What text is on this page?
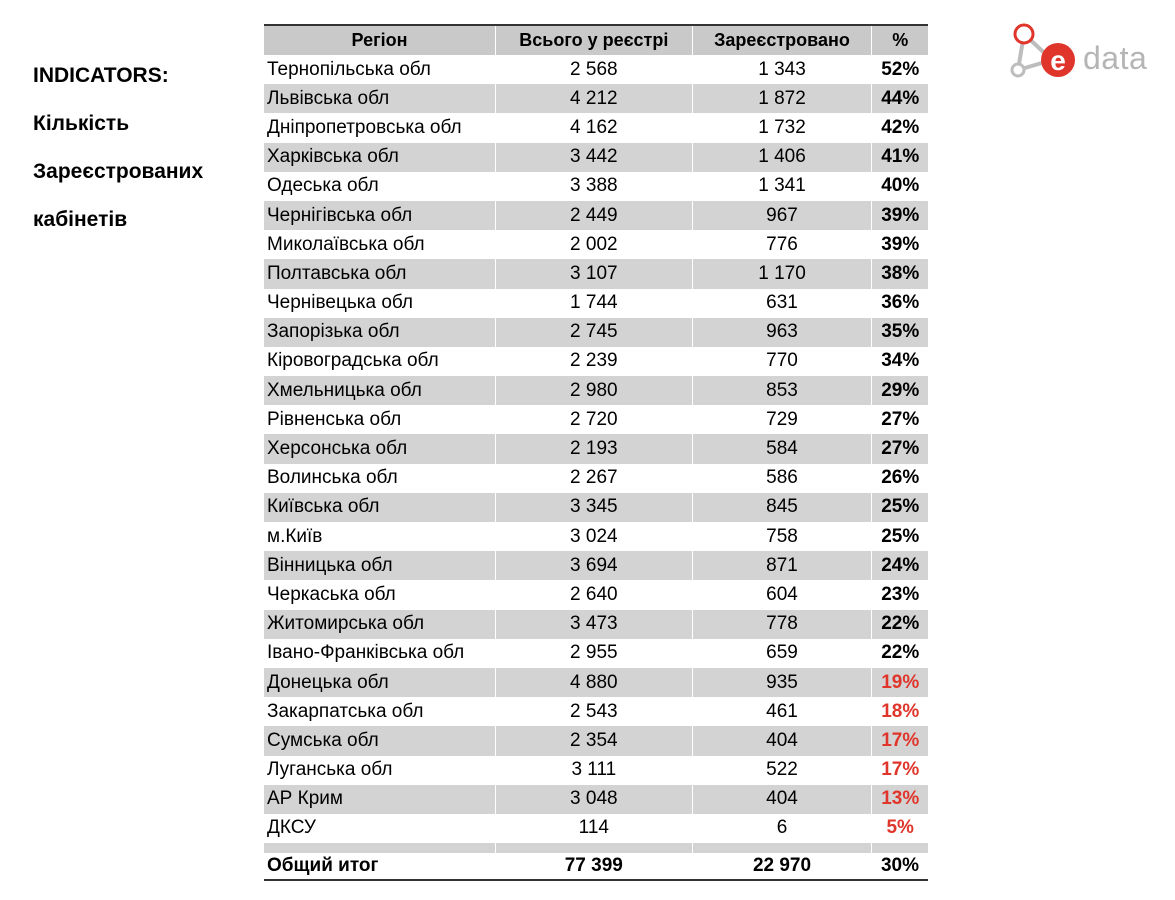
INDICATORS:
Кількість
Зареєстрованих
кабінетів
e data
Регіон	Всього у реєстрі	Зареєстровано	%
Тернопільська обл	2 568	1 343	52%
Львівська обл	4 212	1 872	44%
Дніпропетровська обл	4 162	1 732	42%
Харківська обл	3 442	1 406	41%
Одеська обл	3 388	1 341	40%
Чернігівська обл	2 449	967	39%
Миколаївська обл	2 002	776	39%
Полтавська обл	3 107	1 170	38%
Чернівецька обл	1 744	631	36%
Запорізька обл	2 745	963	35%
Кіровоградська обл	2 239	770	34%
Хмельницька обл	2 980	853	29%
Рівненська обл	2 720	729	27%
Херсонська обл	2 193	584	27%
Волинська обл	2 267	586	26%
Київська обл	3 345	845	25%
м.Київ	3 024	758	25%
Вінницька обл	3 694	871	24%
Черкаська обл	2 640	604	23%
Житомирська обл	3 473	778	22%
Івано-Франківська обл	2 955	659	22%
Донецька обл	4 880	935	19%
Закарпатська обл	2 543	461	18%
Сумська обл	2 354	404	17%
Луганська обл	3 111	522	17%
АР Крим	3 048	404	13%
ДКСУ	114	6	5%

Общий итог	77 399	22 970	30%
